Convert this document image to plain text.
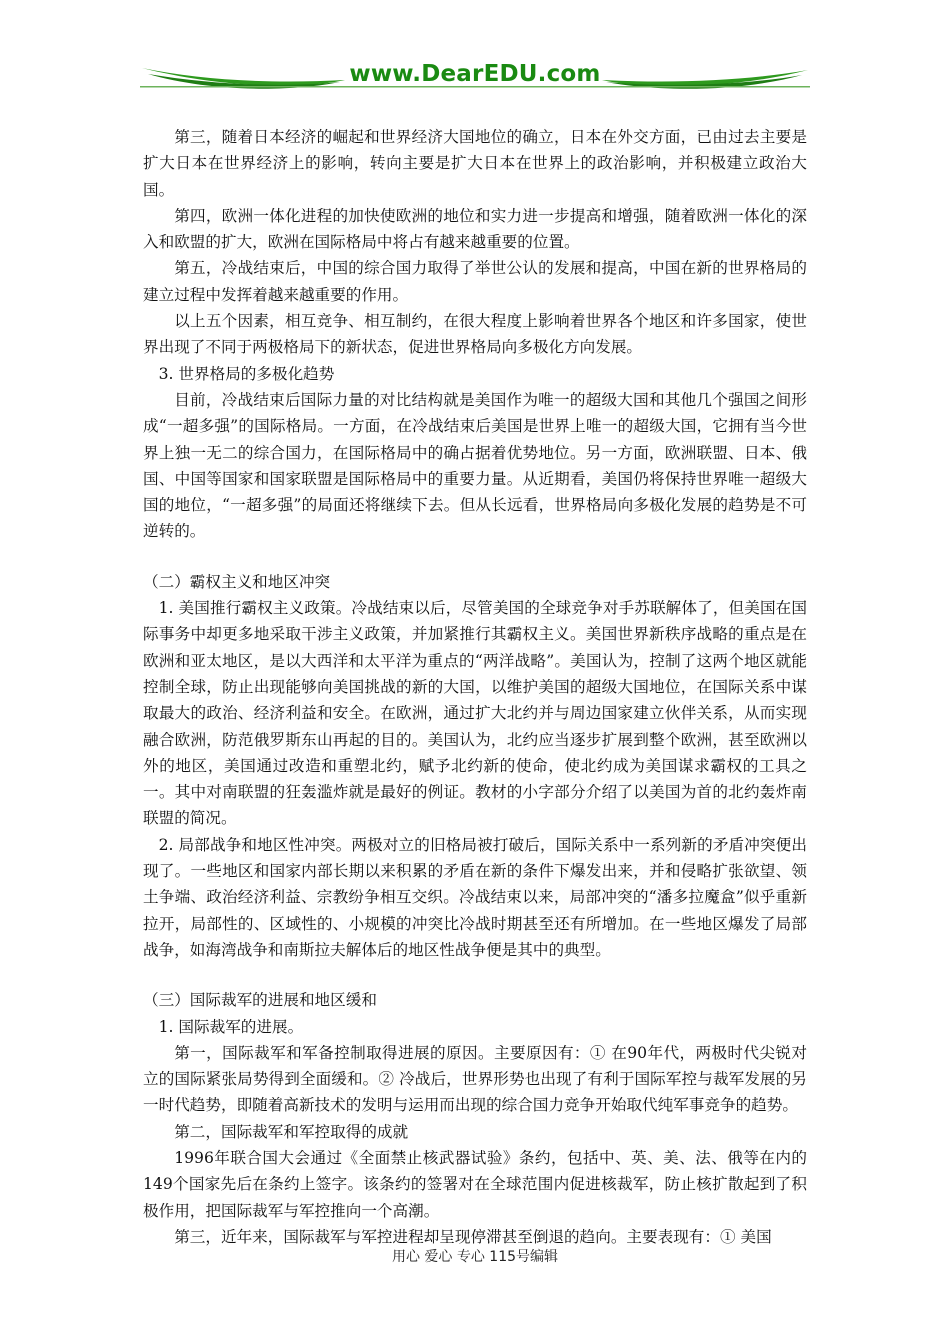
www.DearEDU.com

第三，随着日本经济的崛起和世界经济大国地位的确立，日本在外交方面，已由过去主要是扩大日本在世界经济上的影响，转向主要是扩大日本在世界上的政治影响，并积极建立政治大国。

第四，欧洲一体化进程的加快使欧洲的地位和实力进一步提高和增强，随着欧洲一体化的深入和欧盟的扩大，欧洲在国际格局中将占有越来越重要的位置。

第五，冷战结束后，中国的综合国力取得了举世公认的发展和提高，中国在新的世界格局的建立过程中发挥着越来越重要的作用。

以上五个因素，相互竞争、相互制约，在很大程度上影响着世界各个地区和许多国家，使世界出现了不同于两极格局下的新状态，促进世界格局向多极化方向发展。

3. 世界格局的多极化趋势

目前，冷战结束后国际力量的对比结构就是美国作为唯一的超级大国和其他几个强国之间形成“一超多强”的国际格局。一方面，在冷战结束后美国是世界上唯一的超级大国，它拥有当今世界上独一无二的综合国力，在国际格局中的确占据着优势地位。另一方面，欧洲联盟、日本、俄国、中国等国家和国家联盟是国际格局中的重要力量。从近期看，美国仍将保持世界唯一超级大国的地位，“一超多强”的局面还将继续下去。但从长远看，世界格局向多极化发展的趋势是不可逆转的。

（二）霸权主义和地区冲突

1. 美国推行霸权主义政策。冷战结束以后，尽管美国的全球竞争对手苏联解体了，但美国在国际事务中却更多地采取干涉主义政策，并加紧推行其霸权主义。美国世界新秩序战略的重点是在欧洲和亚太地区，是以大西洋和太平洋为重点的“两洋战略”。美国认为，控制了这两个地区就能控制全球，防止出现能够向美国挑战的新的大国，以维护美国的超级大国地位，在国际关系中谋取最大的政治、经济利益和安全。在欧洲，通过扩大北约并与周边国家建立伙伴关系，从而实现融合欧洲，防范俄罗斯东山再起的目的。美国认为，北约应当逐步扩展到整个欧洲，甚至欧洲以外的地区，美国通过改造和重塑北约，赋予北约新的使命，使北约成为美国谋求霸权的工具之一。其中对南联盟的狂轰滥炸就是最好的例证。教材的小字部分介绍了以美国为首的北约轰炸南联盟的简况。

2. 局部战争和地区性冲突。两极对立的旧格局被打破后，国际关系中一系列新的矛盾冲突便出现了。一些地区和国家内部长期以来积累的矛盾在新的条件下爆发出来，并和侵略扩张欲望、领土争端、政治经济利益、宗教纷争相互交织。冷战结束以来，局部冲突的“潘多拉魔盒”似乎重新拉开，局部性的、区域性的、小规模的冲突比冷战时期甚至还有所增加。在一些地区爆发了局部战争，如海湾战争和南斯拉夫解体后的地区性战争便是其中的典型。

（三）国际裁军的进展和地区缓和

1. 国际裁军的进展。

第一，国际裁军和军备控制取得进展的原因。主要原因有：① 在90年代，两极时代尖锐对立的国际紧张局势得到全面缓和。② 冷战后，世界形势也出现了有利于国际军控与裁军发展的另一时代趋势，即随着高新技术的发明与运用而出现的综合国力竞争开始取代纯军事竞争的趋势。

第二，国际裁军和军控取得的成就

1996年联合国大会通过《全面禁止核武器试验》条约，包括中、英、美、法、俄等在内的149个国家先后在条约上签字。该条约的签署对在全球范围内促进核裁军，防止核扩散起到了积极作用，把国际裁军与军控推向一个高潮。

第三，近年来，国际裁军与军控进程却呈现停滞甚至倒退的趋向。主要表现有：① 美国

用心 爱心 专心 115号编辑
